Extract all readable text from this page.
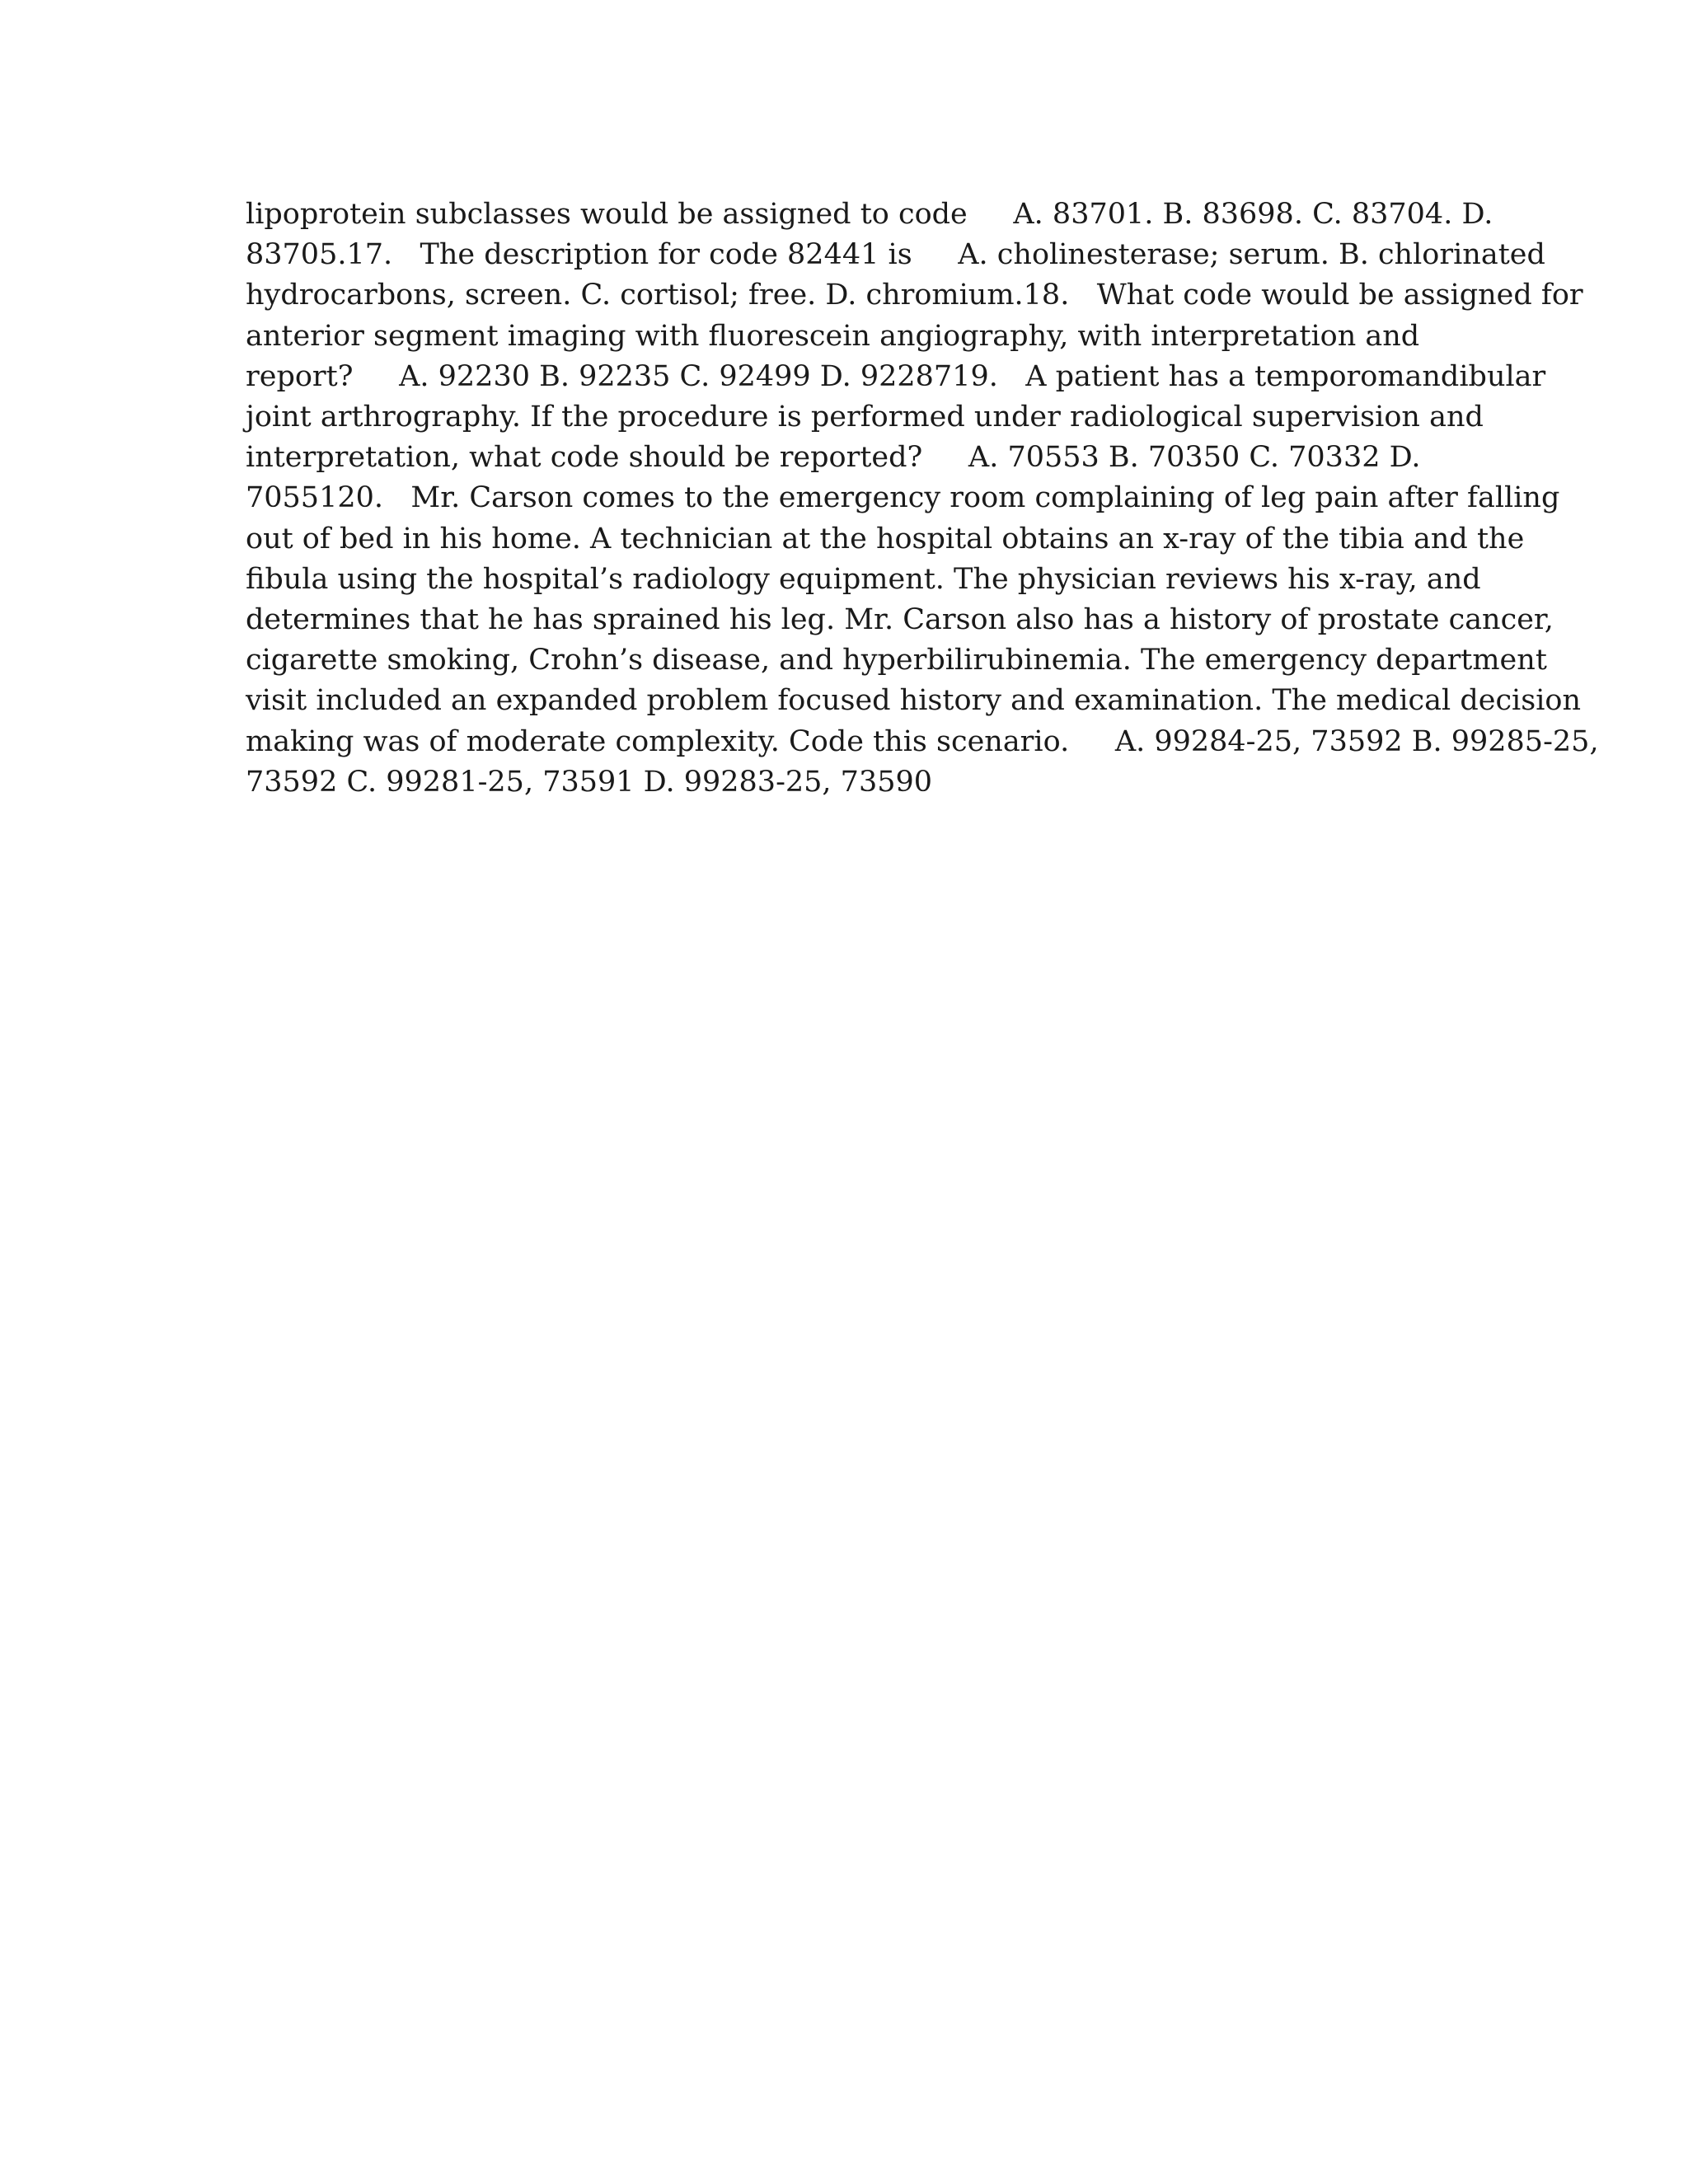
lipoprotein subclasses would be assigned to code     A. 83701. B. 83698. C. 83704. D.
83705.17.   The description for code 82441 is     A. cholinesterase; serum. B. chlorinated
hydrocarbons, screen. C. cortisol; free. D. chromium.18.   What code would be assigned for
anterior segment imaging with fluorescein angiography, with interpretation and
report?     A. 92230 B. 92235 C. 92499 D. 9228719.   A patient has a temporomandibular
joint arthrography. If the procedure is performed under radiological supervision and
interpretation, what code should be reported?     A. 70553 B. 70350 C. 70332 D.
7055120.   Mr. Carson comes to the emergency room complaining of leg pain after falling
out of bed in his home. A technician at the hospital obtains an x-ray of the tibia and the
fibula using the hospital’s radiology equipment. The physician reviews his x-ray, and
determines that he has sprained his leg. Mr. Carson also has a history of prostate cancer,
cigarette smoking, Crohn’s disease, and hyperbilirubinemia. The emergency department
visit included an expanded problem focused history and examination. The medical decision
making was of moderate complexity. Code this scenario.     A. 99284-25, 73592 B. 99285-25,
73592 C. 99281-25, 73591 D. 99283-25, 73590
